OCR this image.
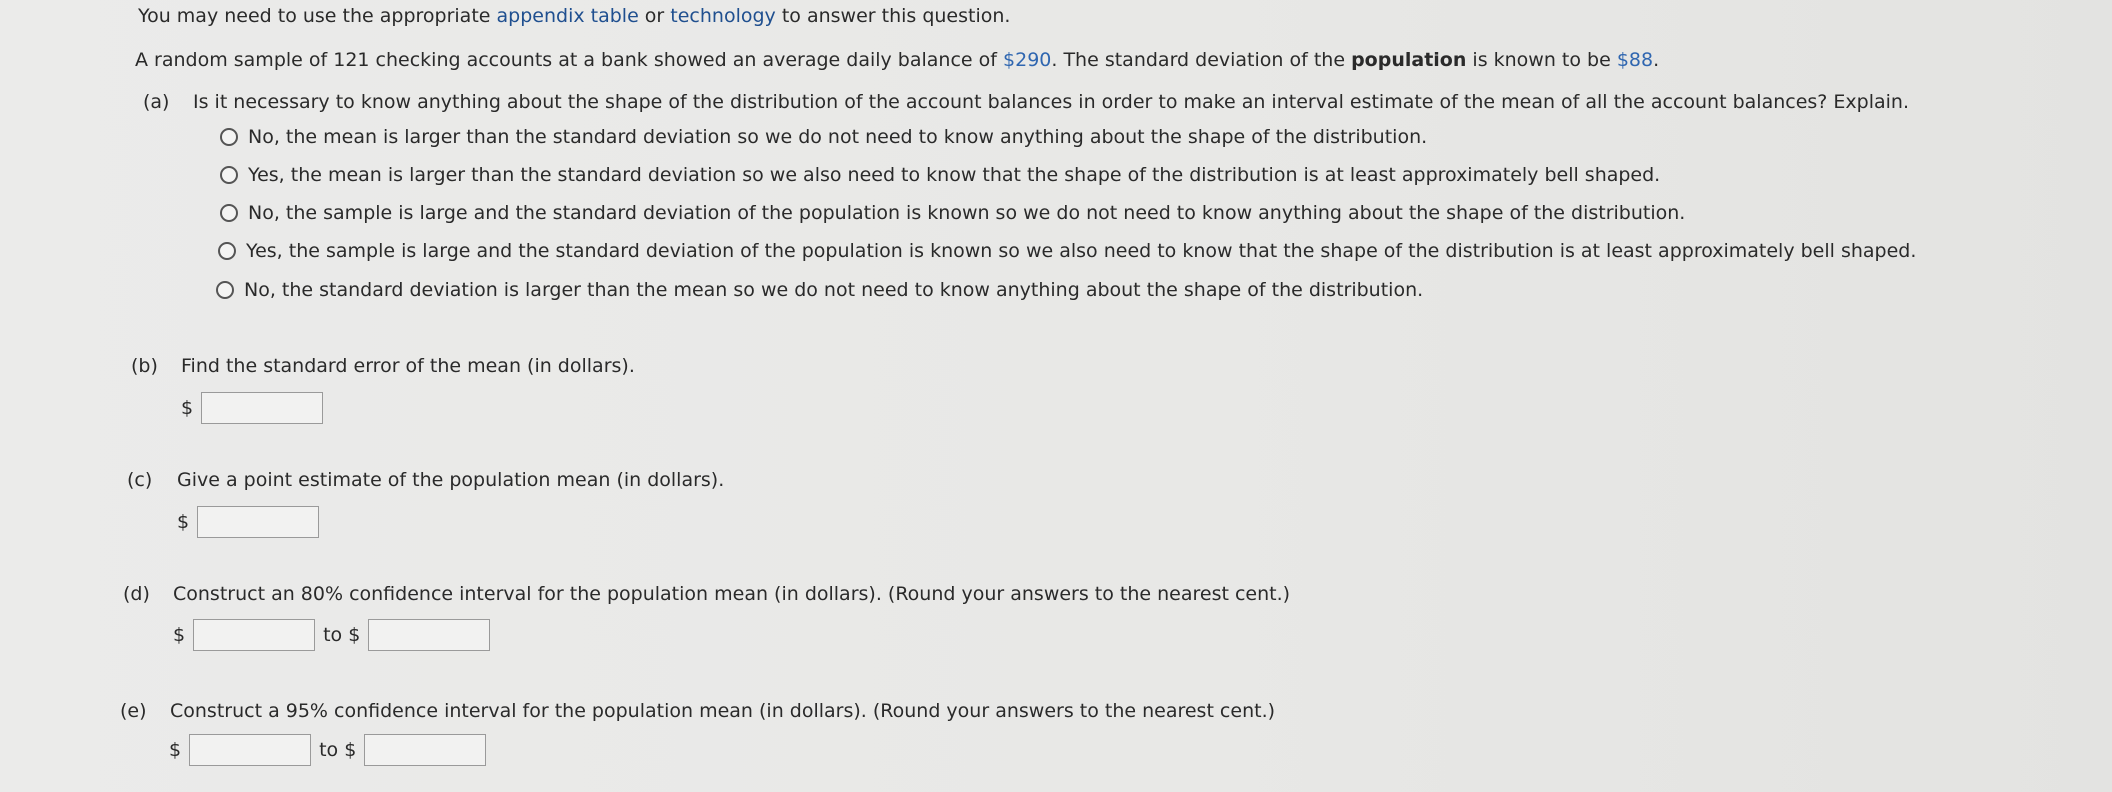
You may need to use the appropriate appendix table or technology to answer this question.
A random sample of 121 checking accounts at a bank showed an average daily balance of $290. The standard deviation of the population is known to be $88.
(a) Is it necessary to know anything about the shape of the distribution of the account balances in order to make an interval estimate of the mean of all the account balances? Explain.
No, the mean is larger than the standard deviation so we do not need to know anything about the shape of the distribution.
Yes, the mean is larger than the standard deviation so we also need to know that the shape of the distribution is at least approximately bell shaped.
No, the sample is large and the standard deviation of the population is known so we do not need to know anything about the shape of the distribution.
Yes, the sample is large and the standard deviation of the population is known so we also need to know that the shape of the distribution is at least approximately bell shaped.
No, the standard deviation is larger than the mean so we do not need to know anything about the shape of the distribution.
(b) Find the standard error of the mean (in dollars).
$
(c) Give a point estimate of the population mean (in dollars).
$
(d) Construct an 80% confidence interval for the population mean (in dollars). (Round your answers to the nearest cent.)
$	to $
(e) Construct a 95% confidence interval for the population mean (in dollars). (Round your answers to the nearest cent.)
$	to $
